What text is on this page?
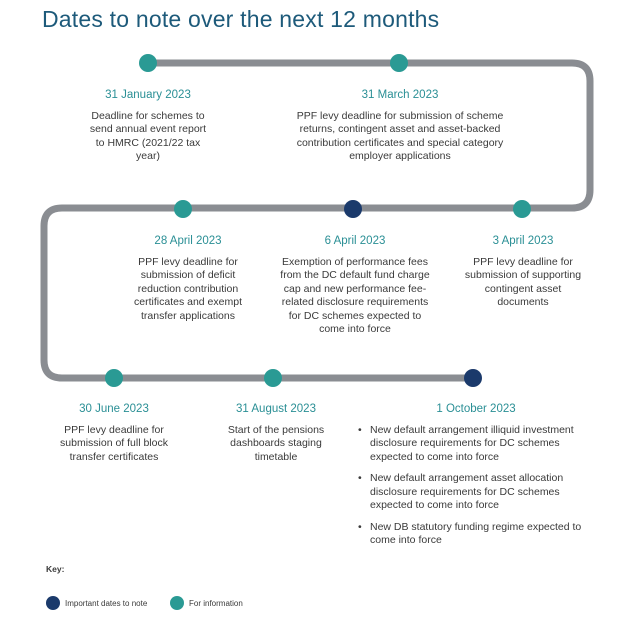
Dates to note over the next 12 months
31 January 2023
Deadline for schemes to send annual event report to HMRC (2021/22 tax year)
31 March 2023
PPF levy deadline for submission of scheme returns, contingent asset and asset-backed contribution certificates and special category employer applications
3 April 2023
PPF levy deadline for submission of supporting contingent asset documents
6 April 2023
Exemption of performance fees from the DC default fund charge cap and new performance fee-related disclosure requirements for DC schemes expected to come into force
28 April 2023
PPF levy deadline for submission of deficit reduction contribution certificates and exempt transfer applications
30 June 2023
PPF levy deadline for submission of full block transfer certificates
31 August 2023
Start of the pensions dashboards staging timetable
1 October 2023
• New default arrangement illiquid investment disclosure requirements for DC schemes expected to come into force
• New default arrangement asset allocation disclosure requirements for DC schemes expected to come into force
• New DB statutory funding regime expected to come into force
Key:
Important dates to note	For information
